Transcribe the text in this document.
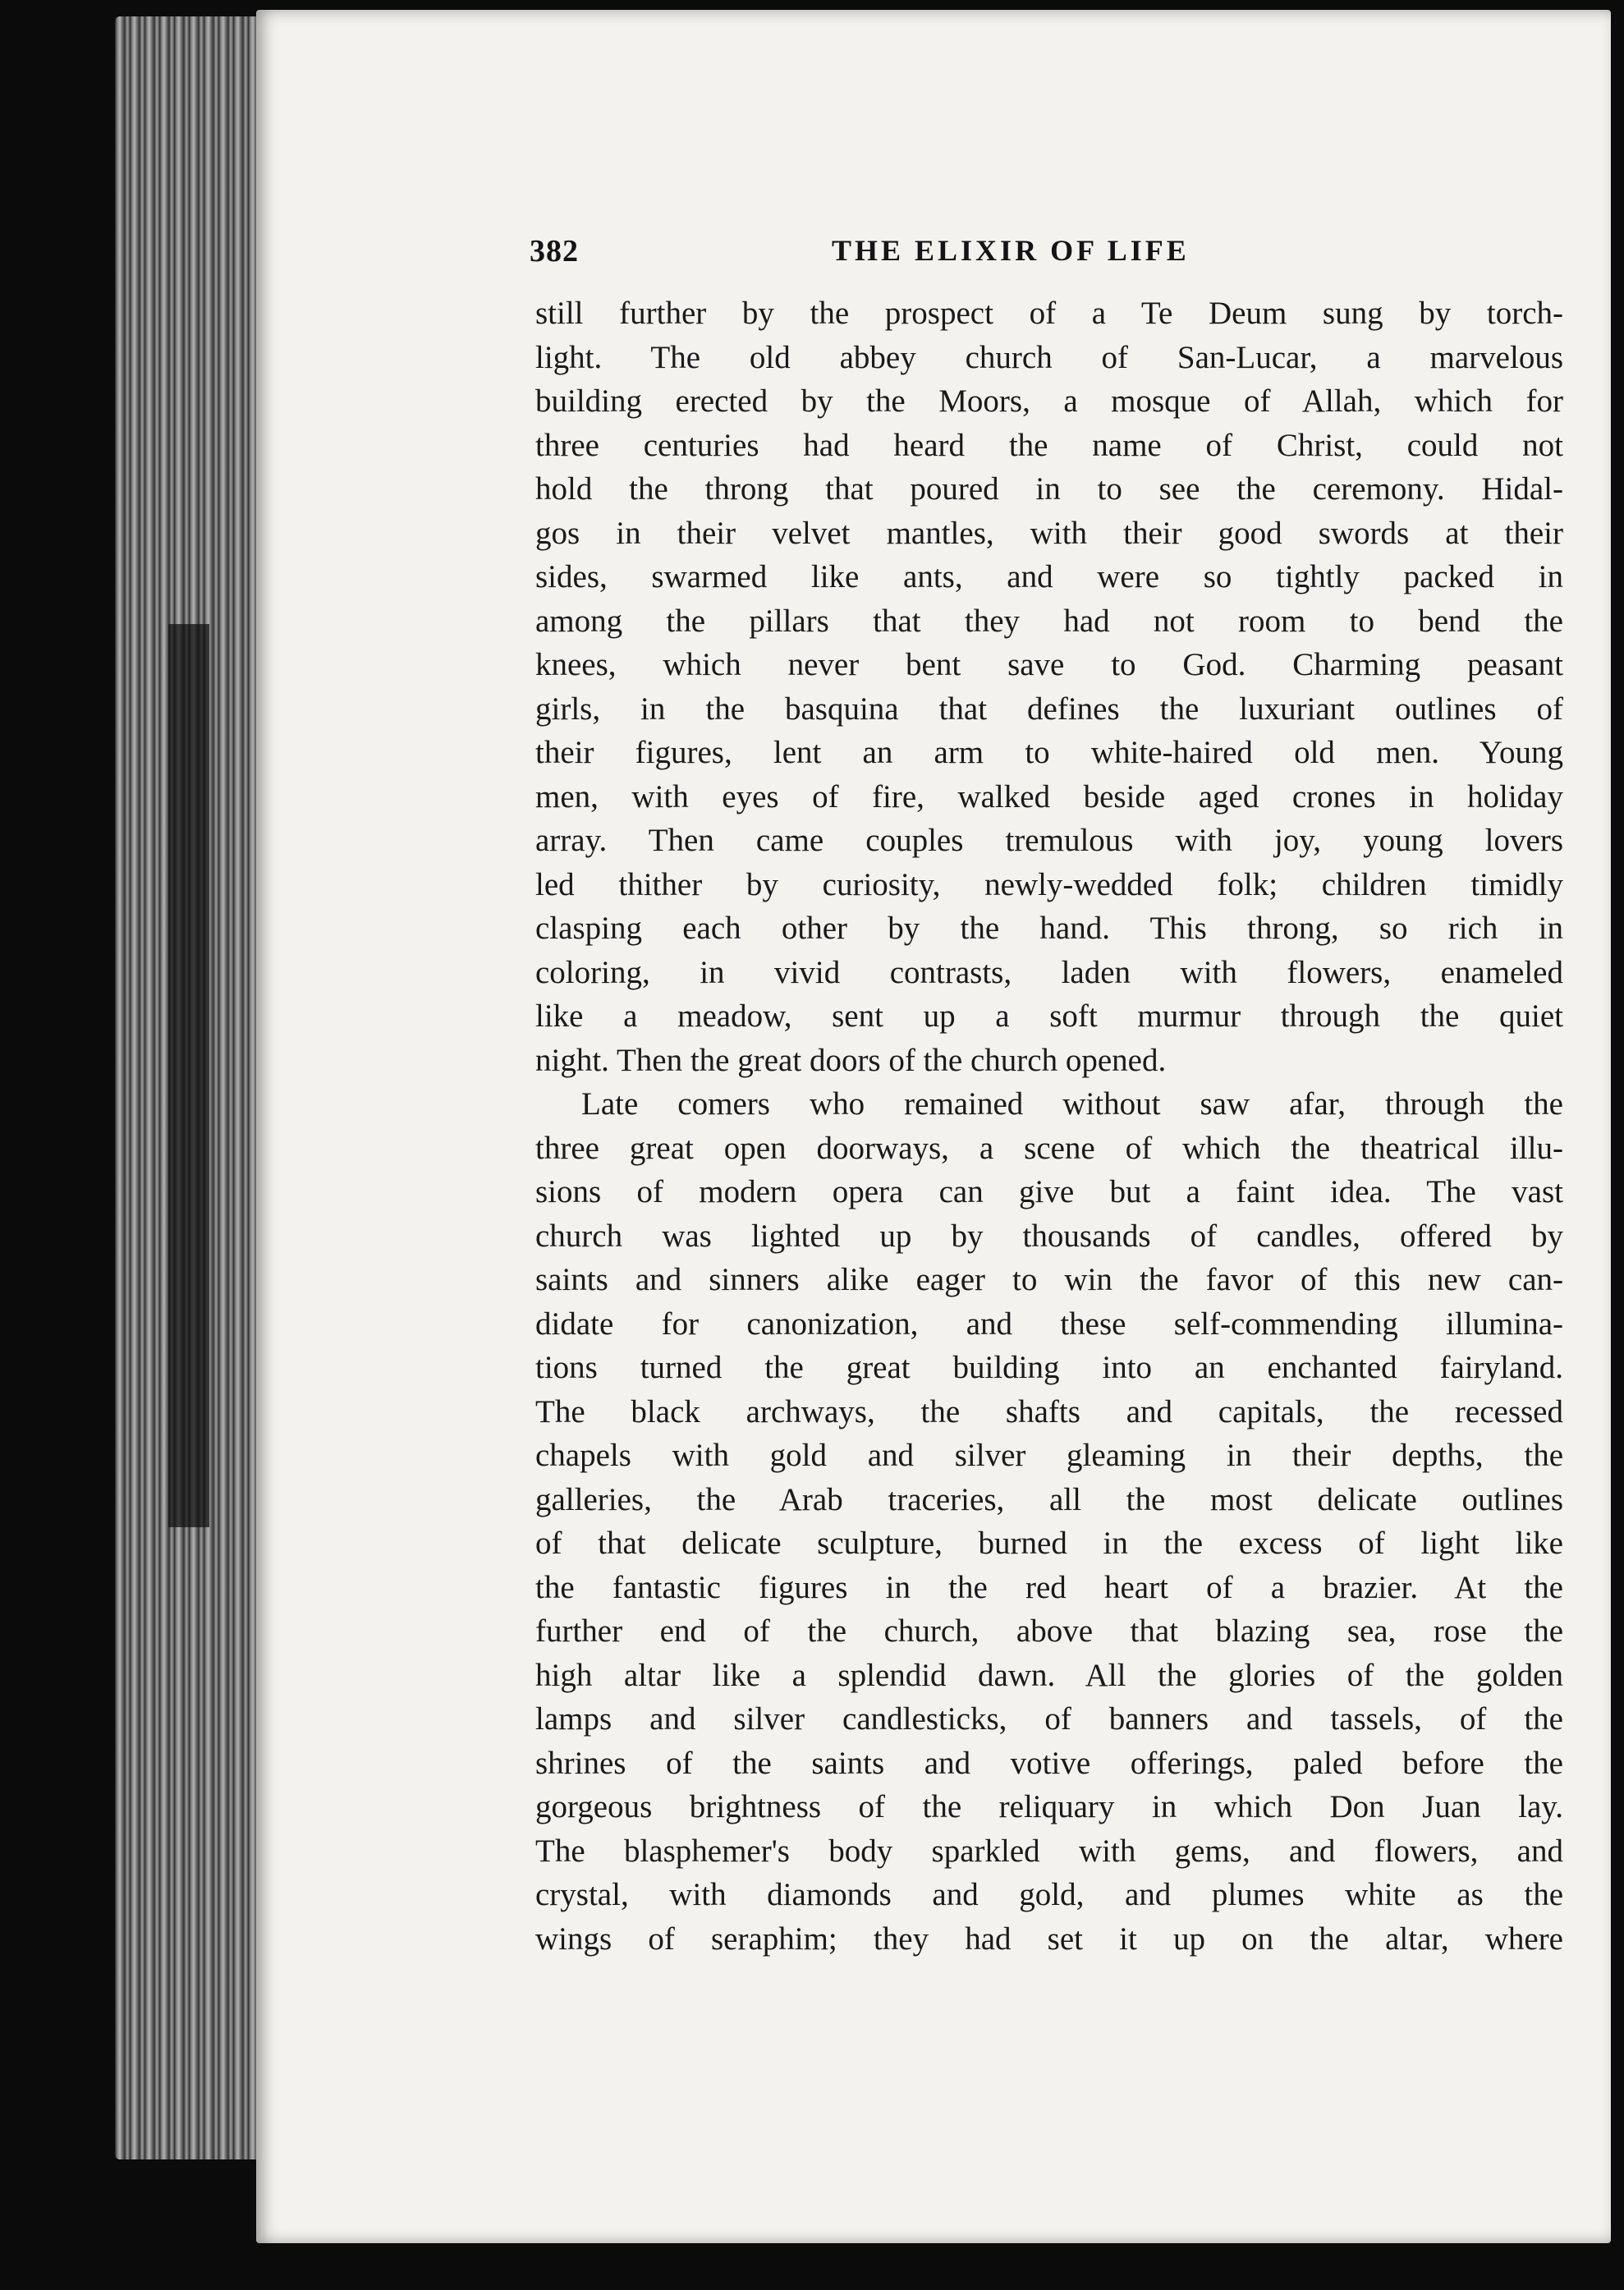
382	THE ELIXIR OF LIFE
still further by the prospect of a Te Deum sung by torch-
light. The old abbey church of San-Lucar, a marvelous
building erected by the Moors, a mosque of Allah, which for
three centuries had heard the name of Christ, could not
hold the throng that poured in to see the ceremony. Hidal-
gos in their velvet mantles, with their good swords at their
sides, swarmed like ants, and were so tightly packed in
among the pillars that they had not room to bend the
knees, which never bent save to God. Charming peasant
girls, in the basquina that defines the luxuriant outlines of
their figures, lent an arm to white-haired old men. Young
men, with eyes of fire, walked beside aged crones in holiday
array. Then came couples tremulous with joy, young lovers
led thither by curiosity, newly-wedded folk; children timidly
clasping each other by the hand. This throng, so rich in
coloring, in vivid contrasts, laden with flowers, enameled
like a meadow, sent up a soft murmur through the quiet
night. Then the great doors of the church opened.
Late comers who remained without saw afar, through the
three great open doorways, a scene of which the theatrical illu-
sions of modern opera can give but a faint idea. The vast
church was lighted up by thousands of candles, offered by
saints and sinners alike eager to win the favor of this new can-
didate for canonization, and these self-commending illumina-
tions turned the great building into an enchanted fairyland.
The black archways, the shafts and capitals, the recessed
chapels with gold and silver gleaming in their depths, the
galleries, the Arab traceries, all the most delicate outlines
of that delicate sculpture, burned in the excess of light like
the fantastic figures in the red heart of a brazier. At the
further end of the church, above that blazing sea, rose the
high altar like a splendid dawn. All the glories of the golden
lamps and silver candlesticks, of banners and tassels, of the
shrines of the saints and votive offerings, paled before the
gorgeous brightness of the reliquary in which Don Juan lay.
The blasphemer's body sparkled with gems, and flowers, and
crystal, with diamonds and gold, and plumes white as the
wings of seraphim; they had set it up on the altar, where
